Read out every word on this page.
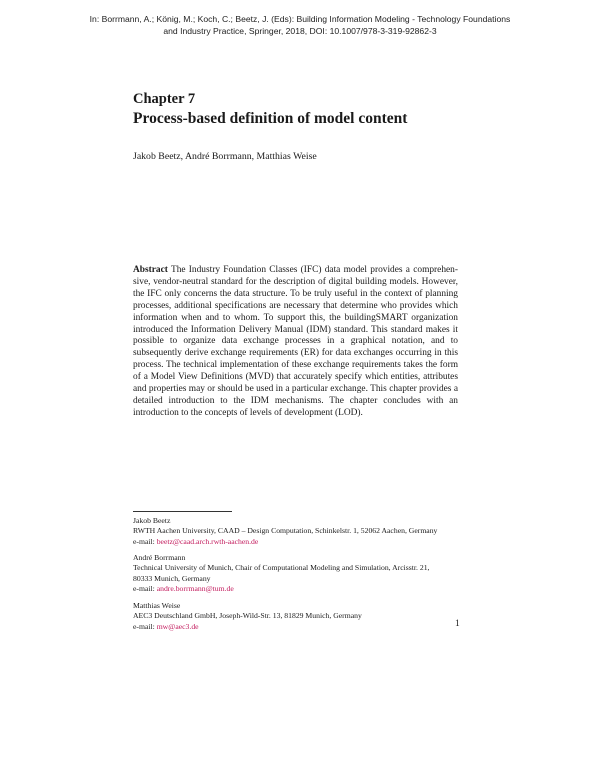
In: Borrmann, A.; König, M.; Koch, C.; Beetz, J. (Eds): Building Information Modeling - Technology Foundations
and Industry Practice, Springer, 2018, DOI: 10.1007/978-3-319-92862-3
Chapter 7
Process-based definition of model content
Jakob Beetz, André Borrmann, Matthias Weise

Abstract The Industry Foundation Classes (IFC) data model provides a comprehensive, vendor-neutral standard for the description of digital building models. However, the IFC only concerns the data structure. To be truly useful in the context of planning processes, additional specifications are necessary that determine who provides which information when and to whom. To support this, the buildingSMART organization introduced the Information Delivery Manual (IDM) standard. This standard makes it possible to organize data exchange processes in a graphical notation, and to subsequently derive exchange requirements (ER) for data exchanges occurring in this process. The technical implementation of these exchange requirements takes the form of a Model View Definitions (MVD) that accurately specify which entities, attributes and properties may or should be used in a particular exchange. This chapter provides a detailed introduction to the IDM mechanisms. The chapter concludes with an introduction to the concepts of levels of development (LOD).

Jakob Beetz
RWTH Aachen University, CAAD – Design Computation, Schinkelstr. 1, 52062 Aachen, Germany
e-mail: beetz@caad.arch.rwth-aachen.de
André Borrmann
Technical University of Munich, Chair of Computational Modeling and Simulation, Arcisstr. 21,
80333 Munich, Germany
e-mail: andre.borrmann@tum.de
Matthias Weise
AEC3 Deutschland GmbH, Joseph-Wild-Str. 13, 81829 Munich, Germany
e-mail: mw@aec3.de	1
